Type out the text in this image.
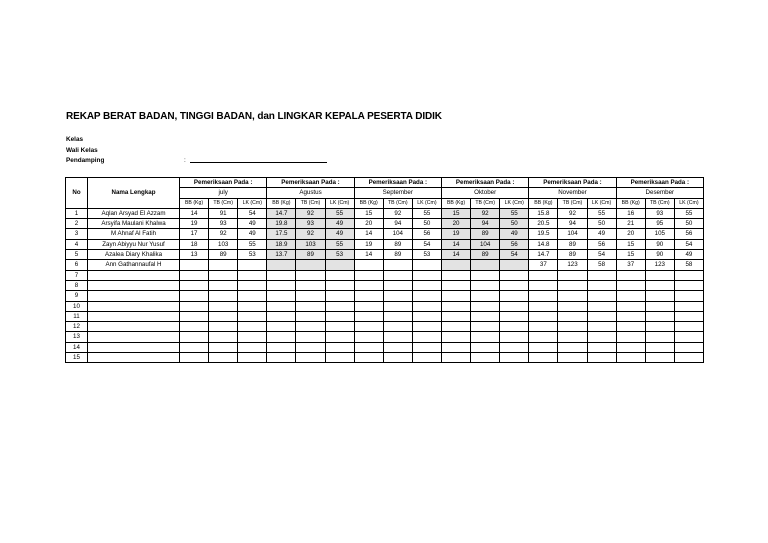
REKAP BERAT BADAN, TINGGI BADAN, dan LINGKAR KEPALA PESERTA DIDIK
Kelas
Wali Kelas
Pendamping	:
No	Nama Lengkap	Pemeriksaan Pada :			Pemeriksaan Pada :			Pemeriksaan Pada :			Pemeriksaan Pada :			Pemeriksaan Pada :			Pemeriksaan Pada :		
		july			Agustus			September			Oktober			November			Desember		
		BB (Kg)	TB (Cm)	LK (Cm)	BB (Kg)	TB (Cm)	LK (Cm)	BB (Kg)	TB (Cm)	LK (Cm)	BB (Kg)	TB (Cm)	LK (Cm)	BB (Kg)	TB (Cm)	LK (Cm)	BB (Kg)	TB (Cm)	LK (Cm)
1	Aqlan Arsyad El Azzam	14	91	54	14.7	92	55	15	92	55	15	92	55	15.8	92	55	16	93	55
2	Arsyifa Maulani Khalwa	19	93	49	19.8	93	49	20	94	50	20	94	50	20.5	94	50	21	95	50
3	M Ahnaf Al Fatih	17	92	49	17.5	92	49	14	104	56	19	89	49	19.5	104	49	20	105	56
4	Zayn Abiyyu Nur Yusuf	18	103	55	18.9	103	55	19	89	54	14	104	56	14.8	89	56	15	90	54
5	Azalea Diary Khalika	13	89	53	13.7	89	53	14	89	53	14	89	54	14.7	89	54	15	90	49
6	Ann Gathannaufal H													37	123	58	37	123	58
7																			
8																			
9																			
10																			
11																			
12																			
13																			
14																			
15																			
